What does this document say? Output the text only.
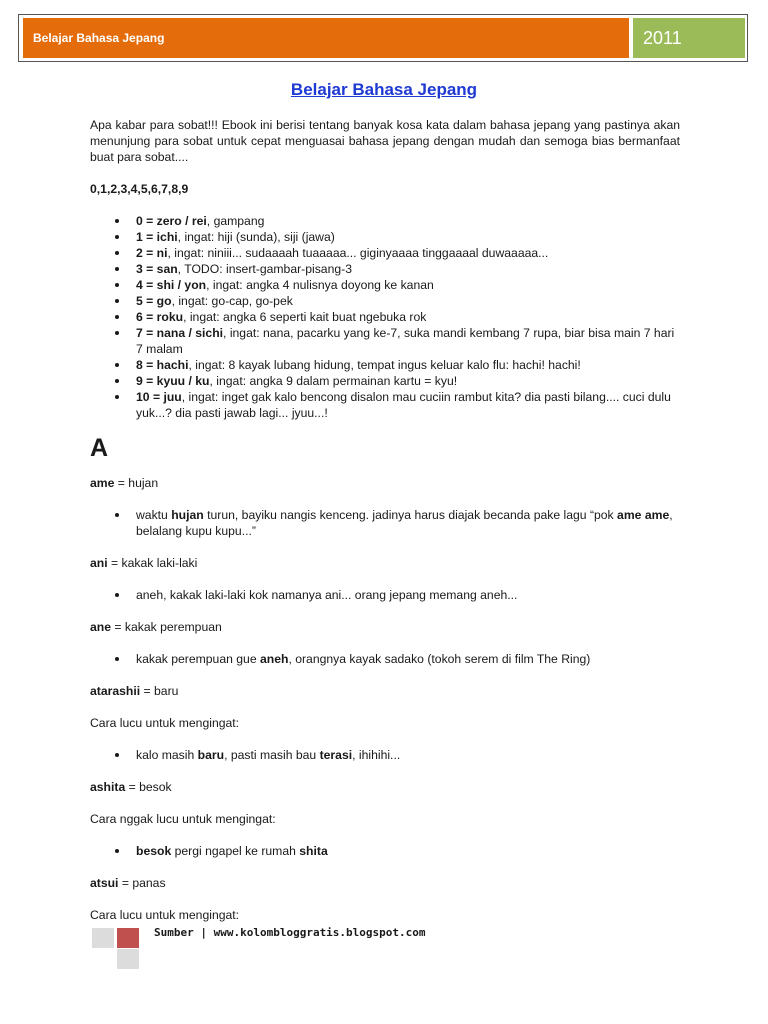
Belajar Bahasa Jepang	2011
Belajar Bahasa Jepang

Apa kabar para sobat!!! Ebook ini berisi tentang banyak kosa kata dalam bahasa jepang yang pastinya akan menunjung para sobat untuk cepat menguasai bahasa jepang dengan mudah dan semoga bias bermanfaat buat para sobat....

0,1,2,3,4,5,6,7,8,9

0 = zero / rei, gampang
1 = ichi, ingat: hiji (sunda), siji (jawa)
2 = ni, ingat: niniii... sudaaaah tuaaaaa... giginyaaaa tinggaaaal duwaaaaa...
3 = san, TODO: insert-gambar-pisang-3
4 = shi / yon, ingat: angka 4 nulisnya doyong ke kanan
5 = go, ingat: go-cap, go-pek
6 = roku, ingat: angka 6 seperti kait buat ngebuka rok
7 = nana / sichi, ingat: nana, pacarku yang ke-7, suka mandi kembang 7 rupa, biar bisa main 7 hari 7 malam
8 = hachi, ingat: 8 kayak lubang hidung, tempat ingus keluar kalo flu: hachi! hachi!
9 = kyuu / ku, ingat: angka 9 dalam permainan kartu = kyu!
10 = juu, ingat: inget gak kalo bencong disalon mau cuciin rambut kita? dia pasti bilang.... cuci dulu yuk...? dia pasti jawab lagi... jyuu...!
A

ame = hujan

waktu hujan turun, bayiku nangis kenceng. jadinya harus diajak becanda pake lagu “pok ame ame, belalang kupu kupu...”

ani = kakak laki-laki

aneh, kakak laki-laki kok namanya ani... orang jepang memang aneh...

ane = kakak perempuan

kakak perempuan gue aneh, orangnya kayak sadako (tokoh serem di film The Ring)

atarashii = baru

Cara lucu untuk mengingat:

kalo masih baru, pasti masih bau terasi, ihihihi...

ashita = besok

Cara nggak lucu untuk mengingat:

besok pergi ngapel ke rumah shita

atsui = panas

Cara lucu untuk mengingat:

Sumber | www.kolombloggratis.blogspot.com
